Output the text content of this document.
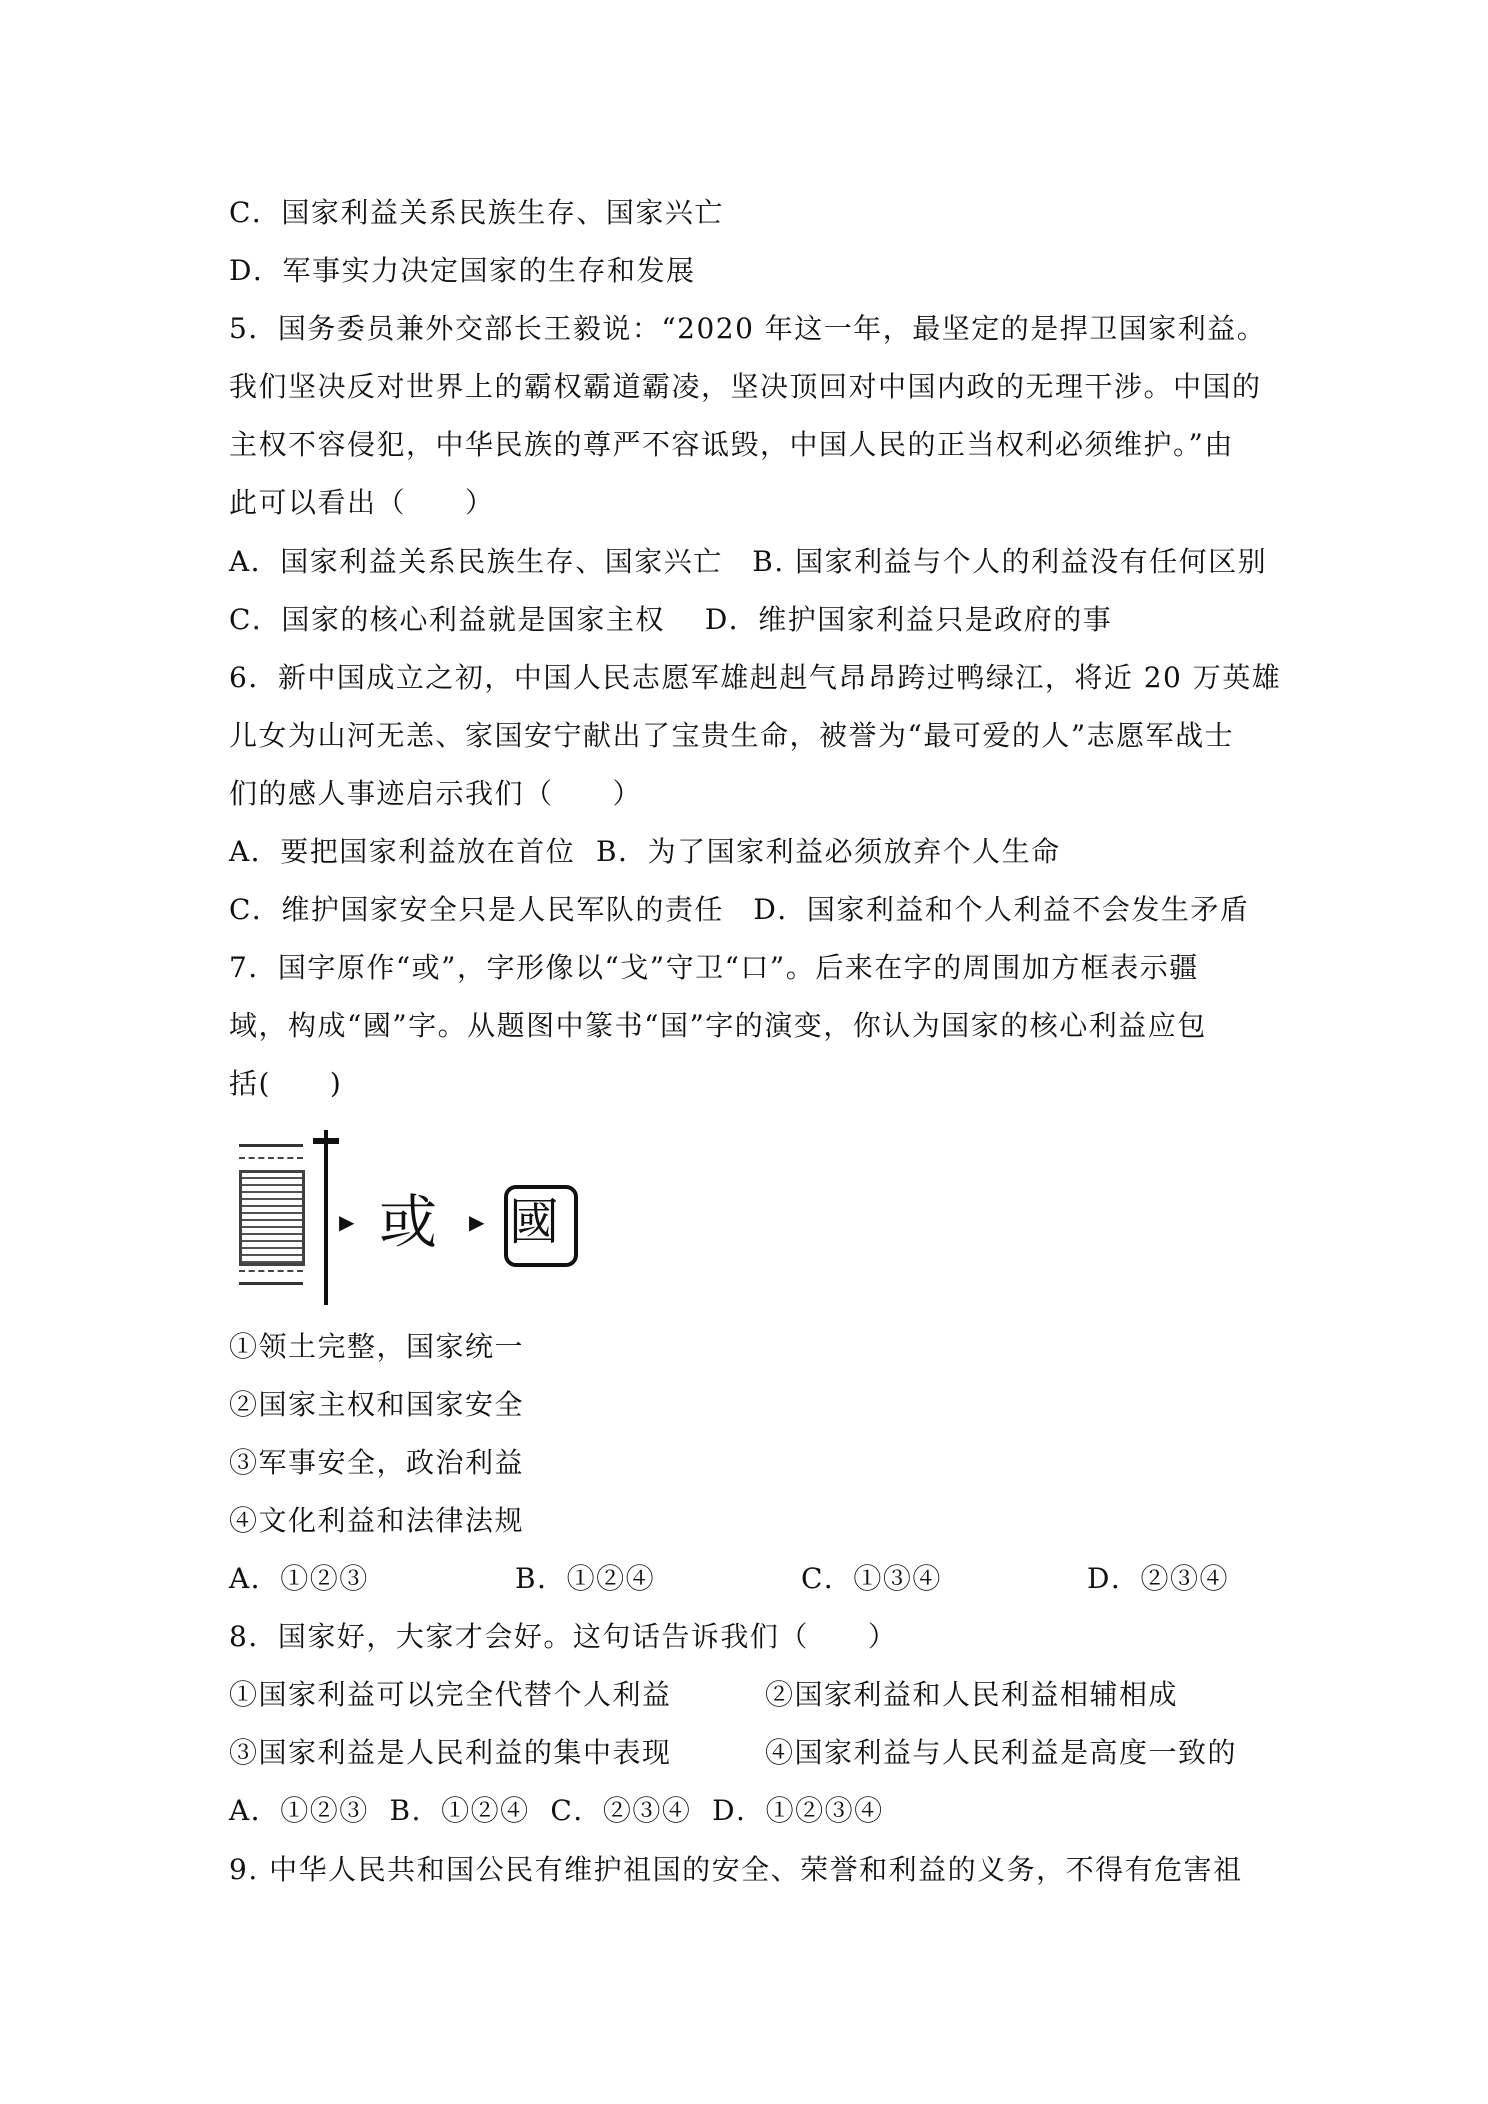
C．国家利益关系民族生存、国家兴亡
D．军事实力决定国家的生存和发展
5．国务委员兼外交部长王毅说：“2020 年这一年，最坚定的是捍卫国家利益。
我们坚决反对世界上的霸权霸道霸凌，坚决顶回对中国内政的无理干涉。中国的
主权不容侵犯，中华民族的尊严不容诋毁，中国人民的正当权利必须维护。”由
此可以看出（　　）
A．国家利益关系民族生存、国家兴亡　B. 国家利益与个人的利益没有任何区别
C．国家的核心利益就是国家主权　 D．维护国家利益只是政府的事
6．新中国成立之初，中国人民志愿军雄赳赳气昂昂跨过鸭绿江，将近 20 万英雄
儿女为山河无恙、家国安宁献出了宝贵生命，被誉为“最可爱的人”志愿军战士
们的感人事迹启示我们（　　）
A．要把国家利益放在首位  B．为了国家利益必须放弃个人生命
C．维护国家安全只是人民军队的责任　D．国家利益和个人利益不会发生矛盾
7．国字原作“或”，字形像以“戈”守卫“口”。后来在字的周围加方框表示疆
域，构成“國”字。从题图中篆书“国”字的演变，你认为国家的核心利益应包
括(　　)
▶ 或 ▶ 國
①领土完整，国家统一
②国家主权和国家安全
③军事安全，政治利益
④文化利益和法律法规
A．①②③	B．①②④	C．①③④	D．②③④
8．国家好，大家才会好。这句话告诉我们（　　）
①国家利益可以完全代替个人利益	②国家利益和人民利益相辅相成
③国家利益是人民利益的集中表现	④国家利益与人民利益是高度一致的
A．①②③  B．①②④  C．②③④  D．①②③④
9. 中华人民共和国公民有维护祖国的安全、荣誉和利益的义务，不得有危害祖
